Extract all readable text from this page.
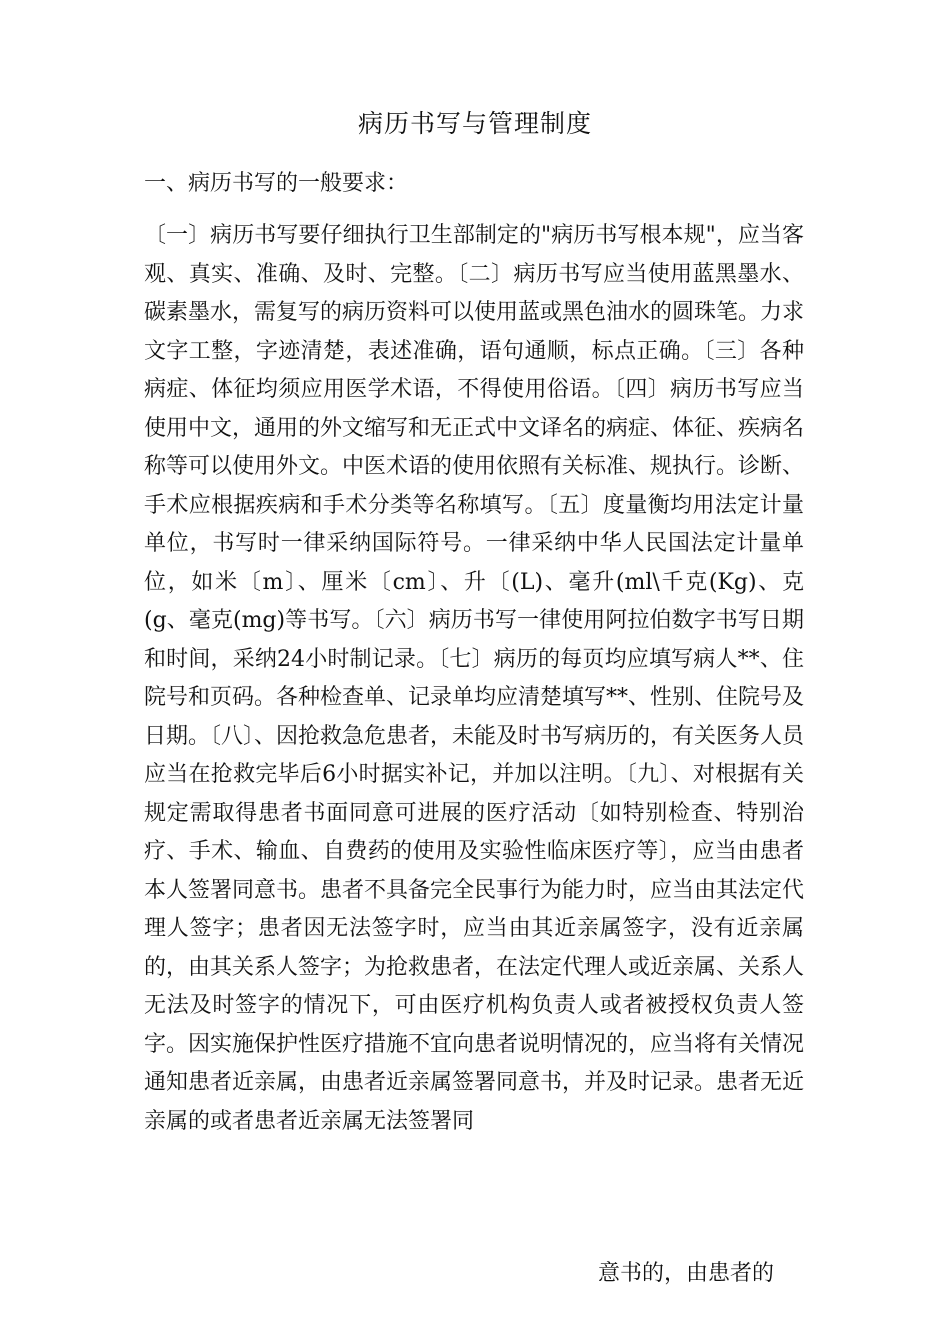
病历书写与管理制度
一、病历书写的一般要求：

〔一〕病历书写要仔细执行卫生部制定的"病历书写根本规"，应当客观、真实、准确、及时、完整。〔二〕病历书写应当使用蓝黑墨水、碳素墨水，需复写的病历资料可以使用蓝或黑色油水的圆珠笔。力求文字工整，字迹清楚，表述准确，语句通顺，标点正确。〔三〕各种病症、体征均须应用医学术语，不得使用俗语。〔四〕病历书写应当使用中文，通用的外文缩写和无正式中文译名的病症、体征、疾病名称等可以使用外文。中医术语的使用依照有关标准、规执行。诊断、手术应根据疾病和手术分类等名称填写。〔五〕度量衡均用法定计量单位，书写时一律采纳国际符号。一律采纳中华人民国法定计量单位，如米〔m〕、厘米〔cm〕、升〔(L)、毫升(ml\千克(Kg)、克(g、毫克(mg)等书写。〔六〕病历书写一律使用阿拉伯数字书写日期和时间，采纳24小时制记录。〔七〕病历的每页均应填写病人**、住院号和页码。各种检查单、记录单均应清楚填写**、性别、住院号及日期。〔八〕、因抢救急危患者，未能及时书写病历的，有关医务人员应当在抢救完毕后6小时据实补记，并加以注明。〔九〕、对根据有关规定需取得患者书面同意可进展的医疗活动〔如特别检查、特别治疗、手术、输血、自费药的使用及实验性临床医疗等〕，应当由患者本人签署同意书。患者不具备完全民事行为能力时，应当由其法定代理人签字；患者因无法签字时，应当由其近亲属签字，没有近亲属的，由其关系人签字；为抢救患者，在法定代理人或近亲属、关系人无法及时签字的情况下，可由医疗机构负责人或者被授权负责人签字。因实施保护性医疗措施不宜向患者说明情况的，应当将有关情况通知患者近亲属，由患者近亲属签署同意书，并及时记录。患者无近亲属的或者患者近亲属无法签署同

意书的，由患者的
